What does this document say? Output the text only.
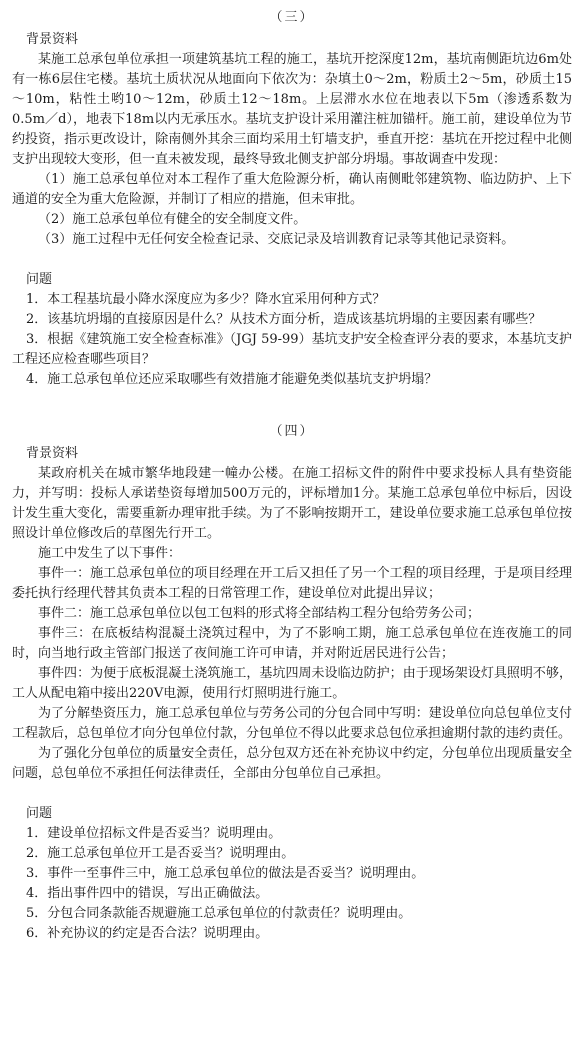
（三）
背景资料
某施工总承包单位承担一项建筑基坑工程的施工，基坑开挖深度12m，基坑南侧距坑边6m处有一栋6层住宅楼。基坑土质状况从地面向下依次为：杂填土0～2m，粉质土2～5m，砂质土15～10m，粘性土哟10～12m，砂质土12～18m。上层滞水水位在地表以下5m（渗透系数为0.5m／d），地表下18m以内无承压水。基坑支护设计采用灌注桩加锚杆。施工前，建设单位为节约投资，指示更改设计，除南侧外其余三面均采用土钉墙支护，垂直开挖：基坑在开挖过程中北侧支护出现较大变形，但一直未被发现，最终导致北侧支护部分坍塌。事故调查中发现：
（1）施工总承包单位对本工程作了重大危险源分析，确认南侧毗邻建筑物、临边防护、上下通道的安全为重大危险源，并制订了相应的措施，但未审批。
（2）施工总承包单位有健全的安全制度文件。
（3）施工过程中无任何安全检查记录、交底记录及培训教育记录等其他记录资料。
问题
1．本工程基坑最小降水深度应为多少？降水宜采用何种方式？
2．该基坑坍塌的直接原因是什么？从技术方面分析，造成该基坑坍塌的主要因素有哪些？
3．根据《建筑施工安全检查标准》（JGJ 59-99）基坑支护安全检查评分表的要求，本基坑支护工程还应检查哪些项目？
4．施工总承包单位还应采取哪些有效措施才能避免类似基坑支护坍塌？
（四）
背景资料
某政府机关在城市繁华地段建一幢办公楼。在施工招标文件的附件中要求投标人具有垫资能力，并写明：投标人承诺垫资每增加500万元的，评标增加1分。某施工总承包单位中标后，因设计发生重大变化，需要重新办理审批手续。为了不影响按期开工，建设单位要求施工总承包单位按照设计单位修改后的草图先行开工。
施工中发生了以下事件：
事件一：施工总承包单位的项目经理在开工后又担任了另一个工程的项目经理，于是项目经理委托执行经理代替其负责本工程的日常管理工作，建设单位对此提出异议；
事件二：施工总承包单位以包工包料的形式将全部结构工程分包给劳务公司；
事件三：在底板结构混凝土浇筑过程中，为了不影响工期，施工总承包单位在连夜施工的同时，向当地行政主管部门报送了夜间施工许可申请，并对附近居民进行公告；
事件四：为便于底板混凝土浇筑施工，基坑四周未设临边防护；由于现场架设灯具照明不够，工人从配电箱中接出220V电源，使用行灯照明进行施工。
为了分解垫资压力，施工总承包单位与劳务公司的分包合同中写明：建设单位向总包单位支付工程款后，总包单位才向分包单位付款，分包单位不得以此要求总包位承担逾期付款的违约责任。
为了强化分包单位的质量安全责任，总分包双方还在补充协议中约定，分包单位出现质量安全问题，总包单位不承担任何法律责任，全部由分包单位自己承担。
问题
1．建设单位招标文件是否妥当？说明理由。
2．施工总承包单位开工是否妥当？说明理由。
3．事件一至事件三中，施工总承包单位的做法是否妥当？说明理由。
4．指出事件四中的错误，写出正确做法。
5．分包合同条款能否规避施工总承包单位的付款责任？说明理由。
6．补充协议的约定是否合法？说明理由。
